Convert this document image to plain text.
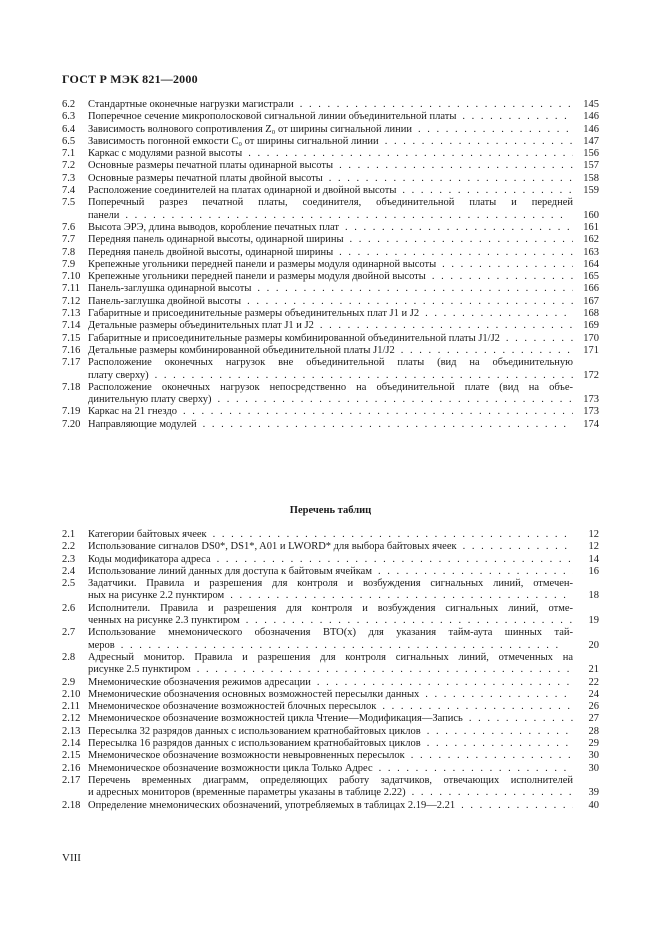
ГОСТ Р МЭК 821—2000
6.2	Стандартные оконечные нагрузки магистрали . .	145
6.3	Поперечное сечение микрополосковой сигнальной линии объединительной платы . .	146
6.4	Зависимость волнового сопротивления Z₀ от ширины сигнальной линии . .	146
6.5	Зависимость погонной емкости C₀ от ширины сигнальной линии . .	147
7.1	Каркас с модулями разной высоты . .	156
7.2	Основные размеры печатной платы одинарной высоты . .	157
7.3	Основные размеры печатной платы двойной высоты . .	158
7.4	Расположение соединителей на платах одинарной и двойной высоты . .	159
7.5	Поперечный разрез печатной платы, соединителя, объединительной платы и передней
панели . .	160
7.6	Высота ЭРЭ, длина выводов, коробление печатных плат . .	161
7.7	Передняя панель одинарной высоты, одинарной ширины . .	162
7.8	Передняя панель двойной высоты, одинарной ширины . .	163
7.9	Крепежные угольники передней панели и размеры модуля одинарной высоты . .	164
7.10 Крепежные угольники передней панели и размеры модуля двойной высоты . .	165
7.11 Панель-заглушка одинарной высоты . .	166
7.12 Панель-заглушка двойной высоты . .	167
7.13 Габаритные и присоединительные размеры объединительных плат J1 и J2 . .	168
7.14 Детальные размеры объединительных плат J1 и J2 . .	169
7.15 Габаритные и присоединительные размеры комбинированной объединительной платы J1/J2 . .	170
7.16 Детальные размеры комбинированной объединительной платы J1/J2 . .	171
7.17 Расположение оконечных нагрузок вне объединительной платы (вид на объединительную
плату сверху) . .	172
7.18 Расположение оконечных нагрузок непосредственно на объединительной плате (вид на объе-
динительную плату сверху) . .	173
7.19 Каркас на 21 гнездо . .	173
7.20 Направляющие модулей . .	174
Перечень таблиц
2.1	Категории байтовых ячеек . .	12
2.2	Использование сигналов DS0*, DS1*, A01 и LWORD* для выбора байтовых ячеек . .	12
2.3	Коды модификатора адреса . .	14
2.4	Использование линий данных для доступа к байтовым ячейкам . .	16
2.5	Задатчики. Правила и разрешения для контроля и возбуждения сигнальных линий, отмечен-
ных на рисунке 2.2 пунктиром . .	18
2.6	Исполнители. Правила и разрешения для контроля и возбуждения сигнальных линий, отме-
ченных на рисунке 2.3 пунктиром . .	19
2.7	Использование мнемонического обозначения BTO(x) для указания тайм-аута шинных тай-
меров . .	20
2.8	Адресный монитор. Правила и разрешения для контроля сигнальных линий, отмеченных на
рисунке 2.5 пунктиром . .	21
2.9	Мнемонические обозначения режимов адресации . .	22
2.10 Мнемонические обозначения основных возможностей пересылки данных . .	24
2.11 Мнемоническое обозначение возможностей блочных пересылок . .	26
2.12 Мнемоническое обозначение возможностей цикла Чтение—Модификация—Запись . .	27
2.13 Пересылка 32 разрядов данных с использованием кратнобайтовых циклов . .	28
2.14 Пересылка 16 разрядов данных с использованием кратнобайтовых циклов . .	29
2.15 Мнемоническое обозначение возможности невыровненных пересылок . .	30
2.16 Мнемоническое обозначение возможности цикла Только Адрес . .	30
2.17 Перечень временных диаграмм, определяющих работу задатчиков, отвечающих исполнителей
и адресных мониторов (временные параметры указаны в таблице 2.22) . .	39
2.18 Определение мнемонических обозначений, употребляемых в таблицах 2.19—2.21 . .	40
VIII
